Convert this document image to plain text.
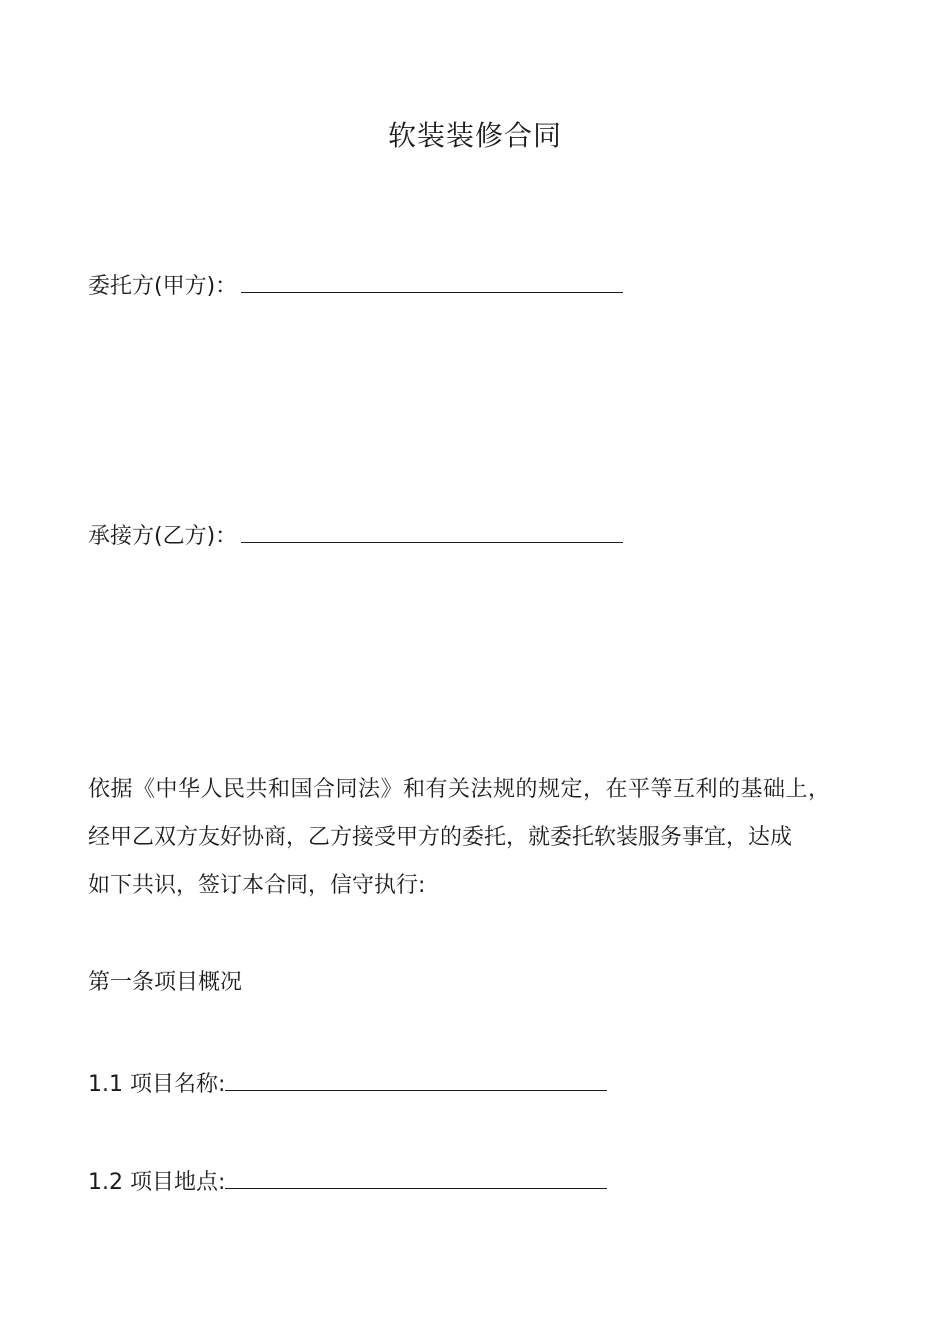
软装装修合同
委托方(甲方)：
承接方(乙方)：
依据《中华人民共和国合同法》和有关法规的规定，在平等互利的基础上，
经甲乙双方友好协商，乙方接受甲方的委托，就委托软装服务事宜，达成
如下共识，签订本合同，信守执行:
第一条项目概况
1.1 项目名称:
1.2 项目地点:
